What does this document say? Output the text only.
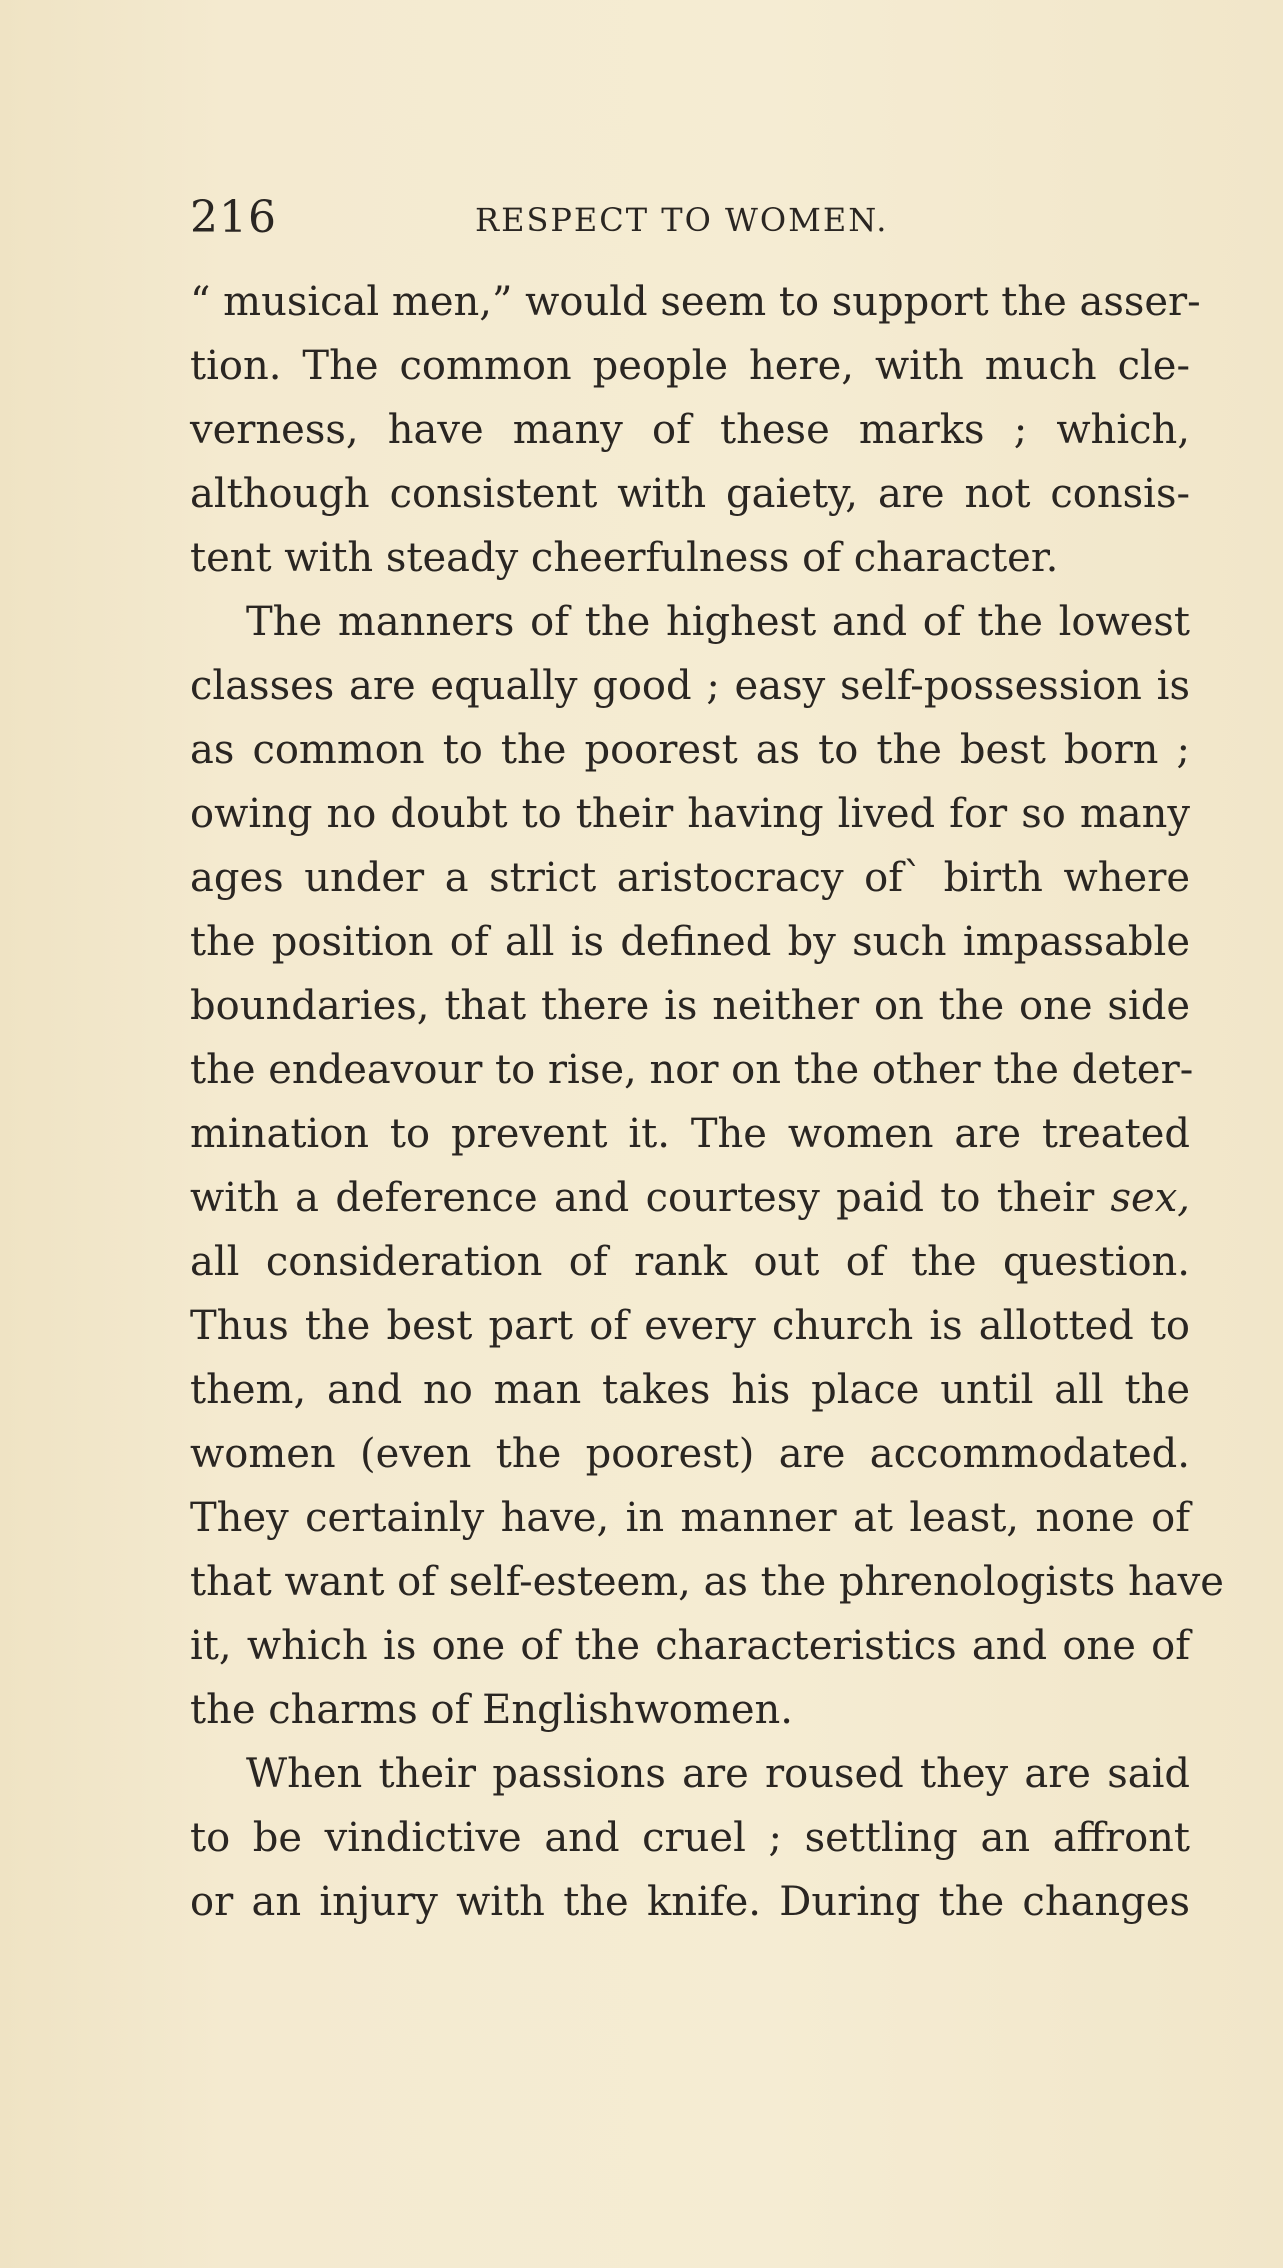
216	RESPECT TO WOMEN.
“ musical men,” would seem to support the asser-
tion. The common people here, with much cle-
verness, have many of these marks ; which,
although consistent with gaiety, are not consis-
tent with steady cheerfulness of character.
The manners of the highest and of the lowest
classes are equally good ; easy self-possession is
as common to the poorest as to the best born ;
owing no doubt to their having lived for so many
ages under a strict aristocracy of` birth where
the position of all is defined by such impassable
boundaries, that there is neither on the one side
the endeavour to rise, nor on the other the deter-
mination to prevent it. The women are treated
with a deference and courtesy paid to their sex,
all consideration of rank out of the question.
Thus the best part of every church is allotted to
them, and no man takes his place until all the
women (even the poorest) are accommodated.
They certainly have, in manner at least, none of
that want of self-esteem, as the phrenologists have
it, which is one of the characteristics and one of
the charms of Englishwomen.
When their passions are roused they are said
to be vindictive and cruel ; settling an affront
or an injury with the knife. During the changes
